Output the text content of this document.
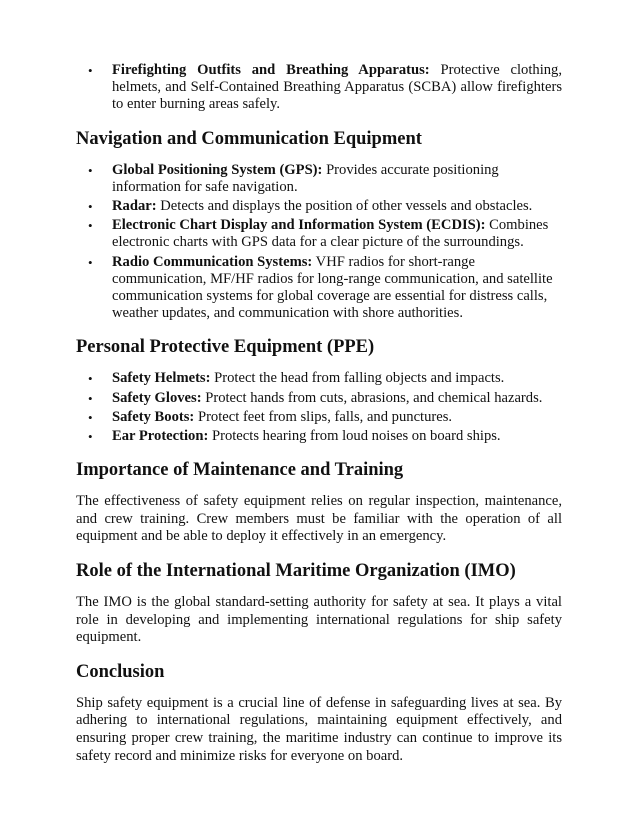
• Firefighting Outfits and Breathing Apparatus: Protective clothing, helmets, and Self-Contained Breathing Apparatus (SCBA) allow firefighters to enter burning areas safely.
Navigation and Communication Equipment
• Global Positioning System (GPS): Provides accurate positioning information for safe navigation.
• Radar: Detects and displays the position of other vessels and obstacles.
• Electronic Chart Display and Information System (ECDIS): Combines electronic charts with GPS data for a clear picture of the surroundings.
• Radio Communication Systems: VHF radios for short-range communication, MF/HF radios for long-range communication, and satellite communication systems for global coverage are essential for distress calls, weather updates, and communication with shore authorities.
Personal Protective Equipment (PPE)
• Safety Helmets: Protect the head from falling objects and impacts.
• Safety Gloves: Protect hands from cuts, abrasions, and chemical hazards.
• Safety Boots: Protect feet from slips, falls, and punctures.
• Ear Protection: Protects hearing from loud noises on board ships.
Importance of Maintenance and Training

The effectiveness of safety equipment relies on regular inspection, maintenance, and crew training. Crew members must be familiar with the operation of all equipment and be able to deploy it effectively in an emergency.

Role of the International Maritime Organization (IMO)

The IMO is the global standard-setting authority for safety at sea. It plays a vital role in developing and implementing international regulations for ship safety equipment.

Conclusion

Ship safety equipment is a crucial line of defense in safeguarding lives at sea. By adhering to international regulations, maintaining equipment effectively, and ensuring proper crew training, the maritime industry can continue to improve its safety record and minimize risks for everyone on board.
